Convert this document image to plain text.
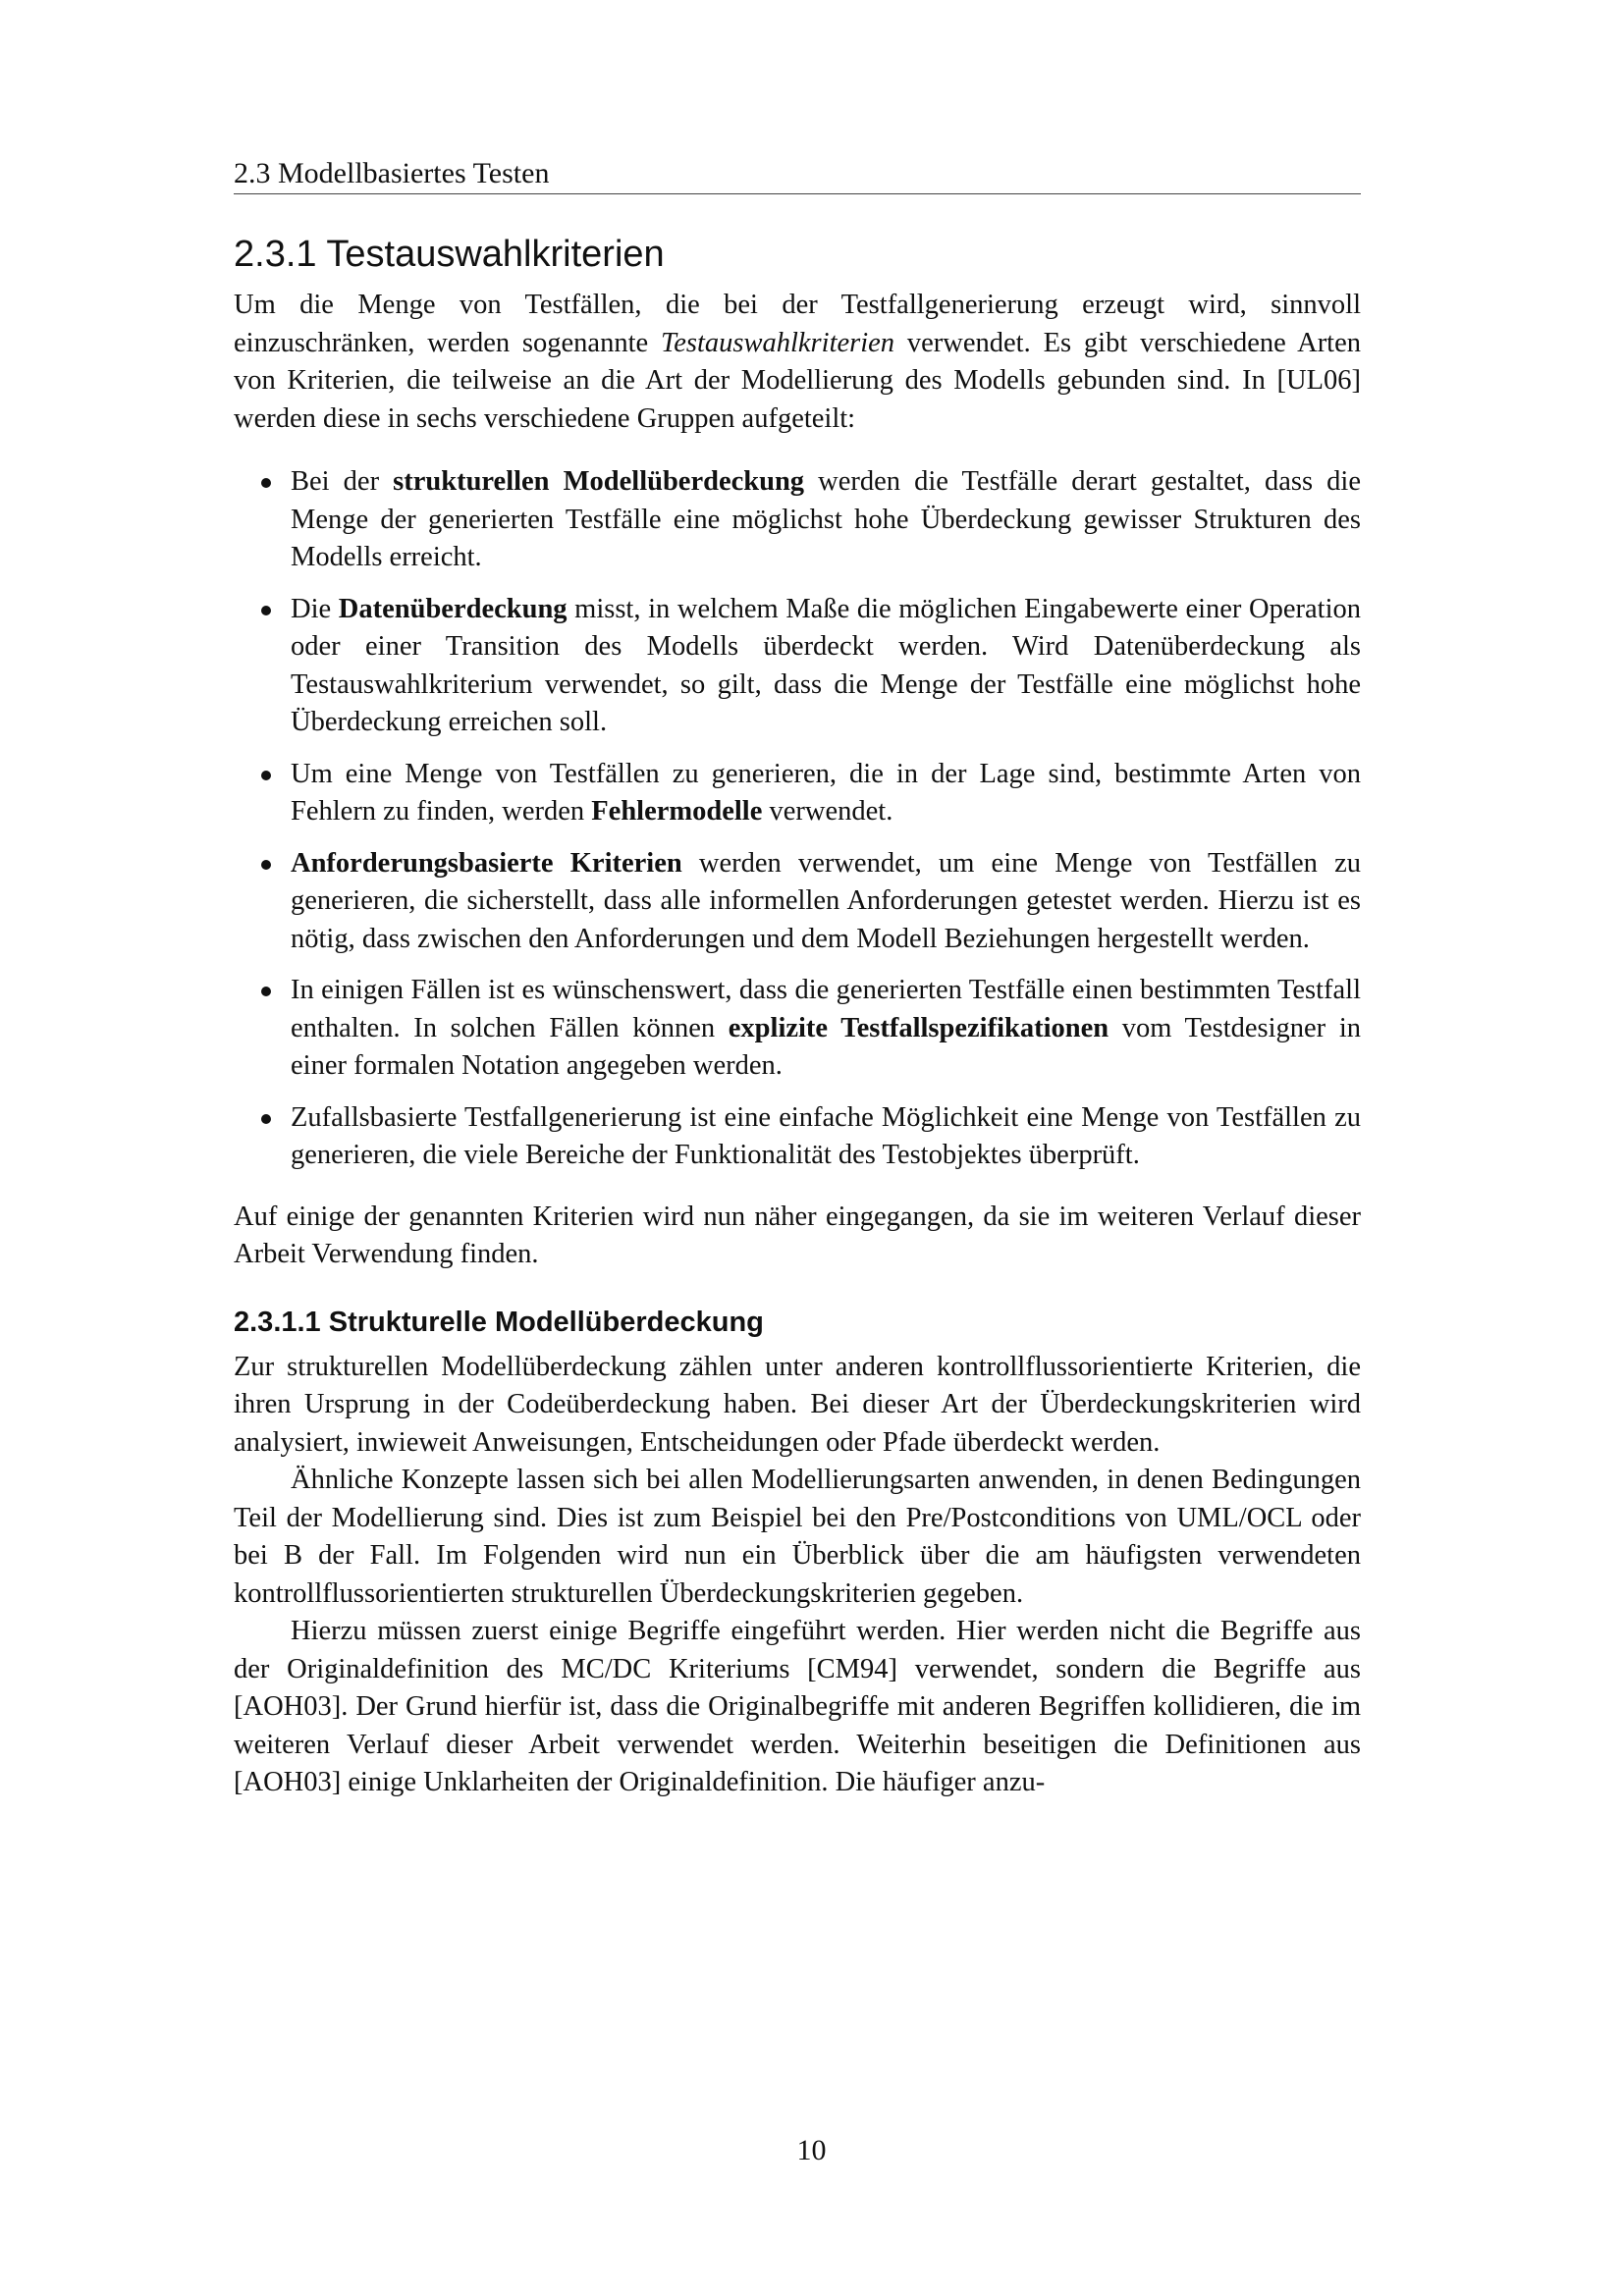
2.3 Modellbasiertes Testen
2.3.1 Testauswahlkriterien

Um die Menge von Testfällen, die bei der Testfallgenerierung erzeugt wird, sinnvoll einzuschränken, werden sogenannte Testauswahlkriterien verwendet. Es gibt verschiedene Arten von Kriterien, die teilweise an die Art der Modellierung des Modells gebunden sind. In [UL06] werden diese in sechs verschiedene Gruppen aufgeteilt:

Bei der strukturellen Modellüberdeckung werden die Testfälle derart gestaltet, dass die Menge der generierten Testfälle eine möglichst hohe Überdeckung gewisser Strukturen des Modells erreicht.
Die Datenüberdeckung misst, in welchem Maße die möglichen Eingabewerte einer Operation oder einer Transition des Modells überdeckt werden. Wird Datenüberdeckung als Testauswahlkriterium verwendet, so gilt, dass die Menge der Testfälle eine möglichst hohe Überdeckung erreichen soll.
Um eine Menge von Testfällen zu generieren, die in der Lage sind, bestimmte Arten von Fehlern zu finden, werden Fehlermodelle verwendet.
Anforderungsbasierte Kriterien werden verwendet, um eine Menge von Testfällen zu generieren, die sicherstellt, dass alle informellen Anforderungen getestet werden. Hierzu ist es nötig, dass zwischen den Anforderungen und dem Modell Beziehungen hergestellt werden.
In einigen Fällen ist es wünschenswert, dass die generierten Testfälle einen bestimmten Testfall enthalten. In solchen Fällen können explizite Testfallspezifikationen vom Testdesigner in einer formalen Notation angegeben werden.
Zufallsbasierte Testfallgenerierung ist eine einfache Möglichkeit eine Menge von Testfällen zu generieren, die viele Bereiche der Funktionalität des Testobjektes überprüft.

Auf einige der genannten Kriterien wird nun näher eingegangen, da sie im weiteren Verlauf dieser Arbeit Verwendung finden.

2.3.1.1 Strukturelle Modellüberdeckung

Zur strukturellen Modellüberdeckung zählen unter anderen kontrollflussorientierte Kriterien, die ihren Ursprung in der Codeüberdeckung haben. Bei dieser Art der Überdeckungskriterien wird analysiert, inwieweit Anweisungen, Entscheidungen oder Pfade überdeckt werden.

Ähnliche Konzepte lassen sich bei allen Modellierungsarten anwenden, in denen Bedingungen Teil der Modellierung sind. Dies ist zum Beispiel bei den Pre/Postconditions von UML/OCL oder bei B der Fall. Im Folgenden wird nun ein Überblick über die am häufigsten verwendeten kontrollflussorientierten strukturellen Überdeckungskriterien gegeben.

Hierzu müssen zuerst einige Begriffe eingeführt werden. Hier werden nicht die Begriffe aus der Originaldefinition des MC/DC Kriteriums [CM94] verwendet, sondern die Begriffe aus [AOH03]. Der Grund hierfür ist, dass die Originalbegriffe mit anderen Begriffen kollidieren, die im weiteren Verlauf dieser Arbeit verwendet werden. Weiterhin beseitigen die Definitionen aus [AOH03] einige Unklarheiten der Originaldefinition. Die häufiger anzu-

10
